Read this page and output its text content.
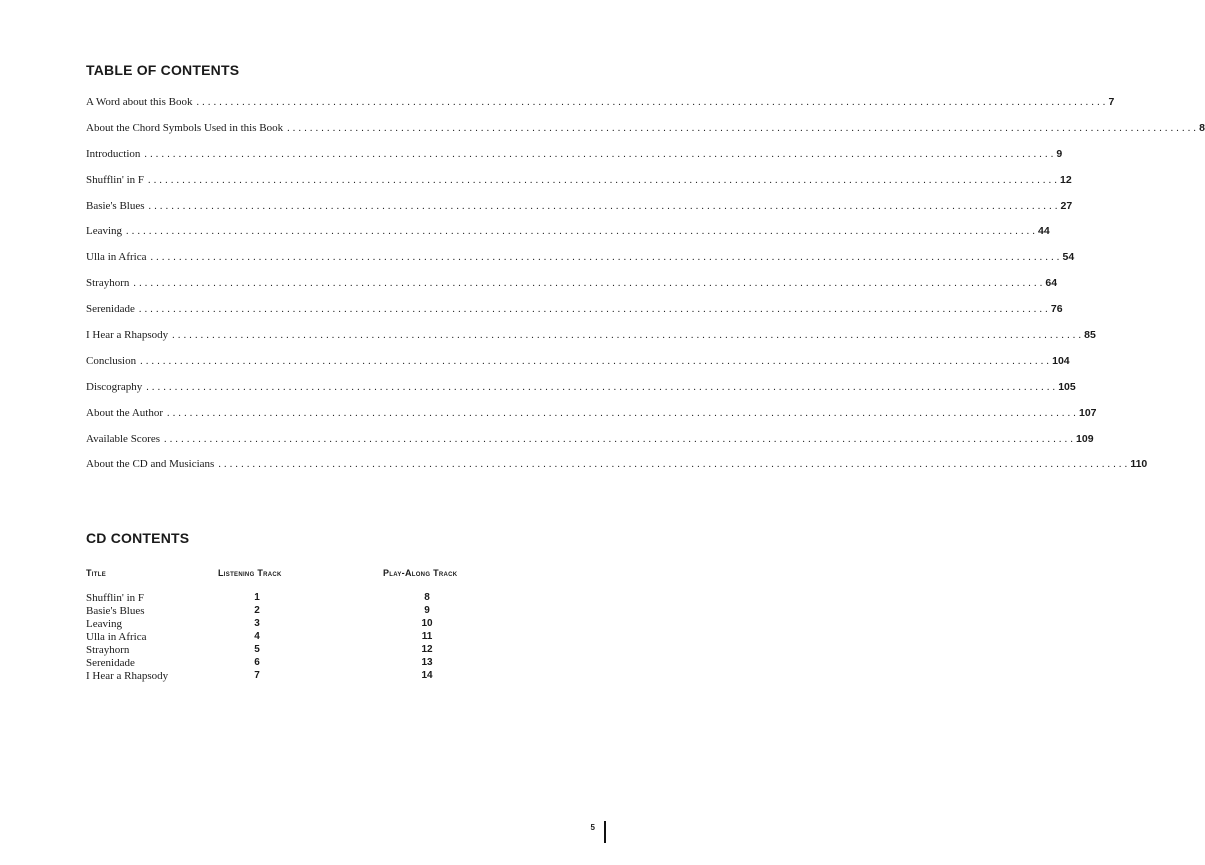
TABLE OF CONTENTS
A Word about this Book ................................................................................................................................................................ 7
About the Chord Symbols Used in this Book ................................................................................................................................................................ 8
Introduction ................................................................................................................................................................ 9
Shufflin' in F ................................................................................................................................................................ 12
Basie's Blues ................................................................................................................................................................ 27
Leaving ................................................................................................................................................................ 44
Ulla in Africa ................................................................................................................................................................ 54
Strayhorn ................................................................................................................................................................ 64
Serenidade ................................................................................................................................................................ 76
I Hear a Rhapsody ................................................................................................................................................................ 85
Conclusion ................................................................................................................................................................ 104
Discography ................................................................................................................................................................ 105
About the Author ................................................................................................................................................................ 107
Available Scores ................................................................................................................................................................ 109
About the CD and Musicians ................................................................................................................................................................ 110
CD CONTENTS
Title	Listening Track	Play-Along Track
Shufflin' in F	1	8
Basie's Blues	2	9
Leaving	3	10
Ulla in Africa	4	11
Strayhorn	5	12
Serenidade	6	13
I Hear a Rhapsody	7	14
5
